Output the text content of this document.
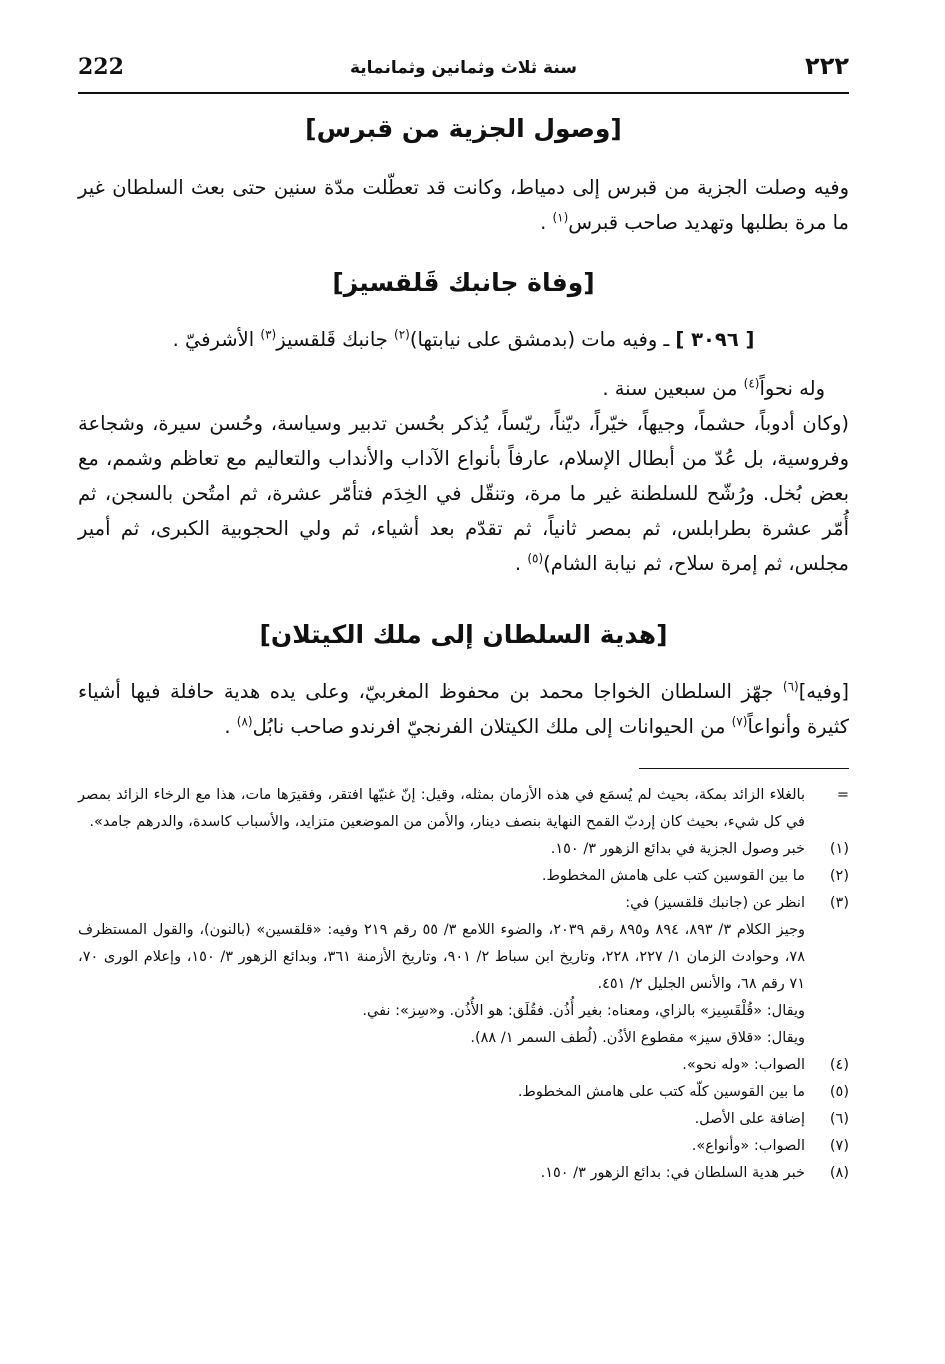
222	سنة ثلاث وثمانين وثمانماية	٢٢٢
[وصول الجزية من قبرس]

وفيه وصلت الجزية من قبرس إلى دمياط، وكانت قد تعطّلت مدّة سنين حتى بعث السلطان غير ما مرة بطلبها وتهديد صاحب قبرس$^{(١)}$ .

[وفاة جانبك قَلقسيز]

[ ٣٠٩٦ ] ـ وفيه مات (بدمشق على نيابتها)$^{(٢)}$ جانبك قَلقسيز$^{(٣)}$ الأشرفيّ .

وله نحواً$^{(٤)}$ من سبعين سنة .

(وكان أدوباً، حشماً، وجيهاً، خيّراً، ديّناً، ريّساً، يُذكر بحُسن تدبير وسياسة، وحُسن سيرة، وشجاعة وفروسية، بل عُدّ من أبطال الإسلام، عارفاً بأنواع الآداب والأنداب والتعاليم مع تعاظم وشمم، مع بعض بُخل. ورُشّح للسلطنة غير ما مرة، وتنقّل في الخِدَم فتأمّر عشرة، ثم امتُحن بالسجن، ثم أُمّر عشرة بطرابلس، ثم بمصر ثانياً، ثم تقدّم بعد أشياء، ثم ولي الحجوبية الكبرى، ثم أمير مجلس، ثم إمرة سلاح، ثم نيابة الشام)$^{(٥)}$ .

[هدية السلطان إلى ملك الكيتلان]

[وفيه]$^{(٦)}$ جهّز السلطان الخواجا محمد بن محفوظ المغربيّ، وعلى يده هدية حافلة فيها أشياء كثيرة وأنواعاً$^{(٧)}$ من الحيوانات إلى ملك الكيتلان الفرنجيّ افرندو صاحب نابُل$^{(٨)}$ .

=
بالغلاء الزائد بمكة، بحيث لم يُسمَع في هذه الأزمان بمثله، وقيل: إنّ غنيّها افتقر، وفقيرَها مات، هذا مع الرخاء الزائد بمصر في كل شيء، بحيث كان إردبّ القمح النهاية بنصف دينار، والأمن من الموضعين متزايد، والأسباب كاسدة، والدرهم جامد».
(١)
خبر وصول الجزية في بدائع الزهور ٣/ ١٥٠.
(٢)
ما بين القوسين كتب على هامش المخطوط.
(٣)
انظر عن (جانبك قلقسيز) في:
وجيز الكلام ٣/ ٨٩٣، ٨٩٤ و٨٩٥ رقم ٢٠٣٩، والضوء اللامع ٣/ ٥٥ رقم ٢١٩ وفيه: «قلقسين» (بالنون)، والقول المستظرف ٧٨، وحوادث الزمان ١/ ٢٢٧، ٢٢٨، وتاريخ ابن سباط ٢/ ٩٠١، وتاريخ الأزمنة ٣٦١، وبدائع الزهور ٣/ ١٥٠، وإعلام الورى ٧٠، ٧١ رقم ٦٨، والأنس الجليل ٢/ ٤٥١.
ويقال: «قُلْقَسِيز» بالزاي، ومعناه: بغير أُذُن. فقُلَق: هو الأُذُن. و«سِز»: نفي.
ويقال: «قلاق سيز» مقطوع الأذُن. (لُطف السمر ١/ ٨٨).
(٤)
الصواب: «وله نحو».
(٥)
ما بين القوسين كلّه كتب على هامش المخطوط.
(٦)
إضافة على الأصل.
(٧)
الصواب: «وأنواع».
(٨)
خبر هدية السلطان في: بدائع الزهور ٣/ ١٥٠.
